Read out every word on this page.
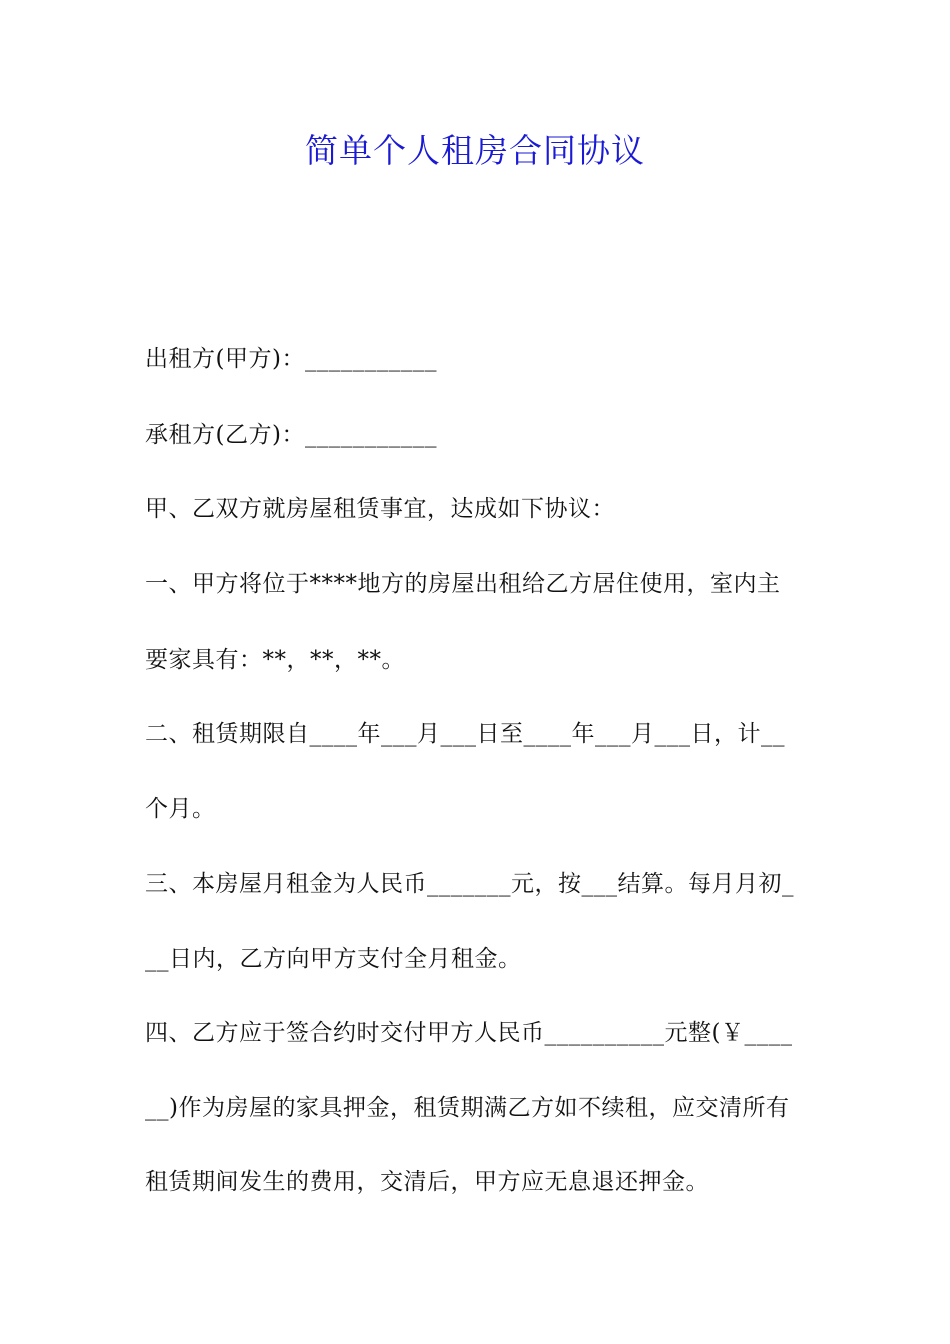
简单个人租房合同协议
出租方(甲方)：___________
承租方(乙方)：___________
甲、乙双方就房屋租赁事宜，达成如下协议：
一、甲方将位于****地方的房屋出租给乙方居住使用，室内主
要家具有：**，**，**。
二、租赁期限自____年___月___日至____年___月___日，计__
个月。
三、本房屋月租金为人民币_______元，按___结算。每月月初_
__日内，乙方向甲方支付全月租金。
四、乙方应于签合约时交付甲方人民币__________元整(￥____
__)作为房屋的家具押金，租赁期满乙方如不续租，应交清所有
租赁期间发生的费用，交清后，甲方应无息退还押金。
